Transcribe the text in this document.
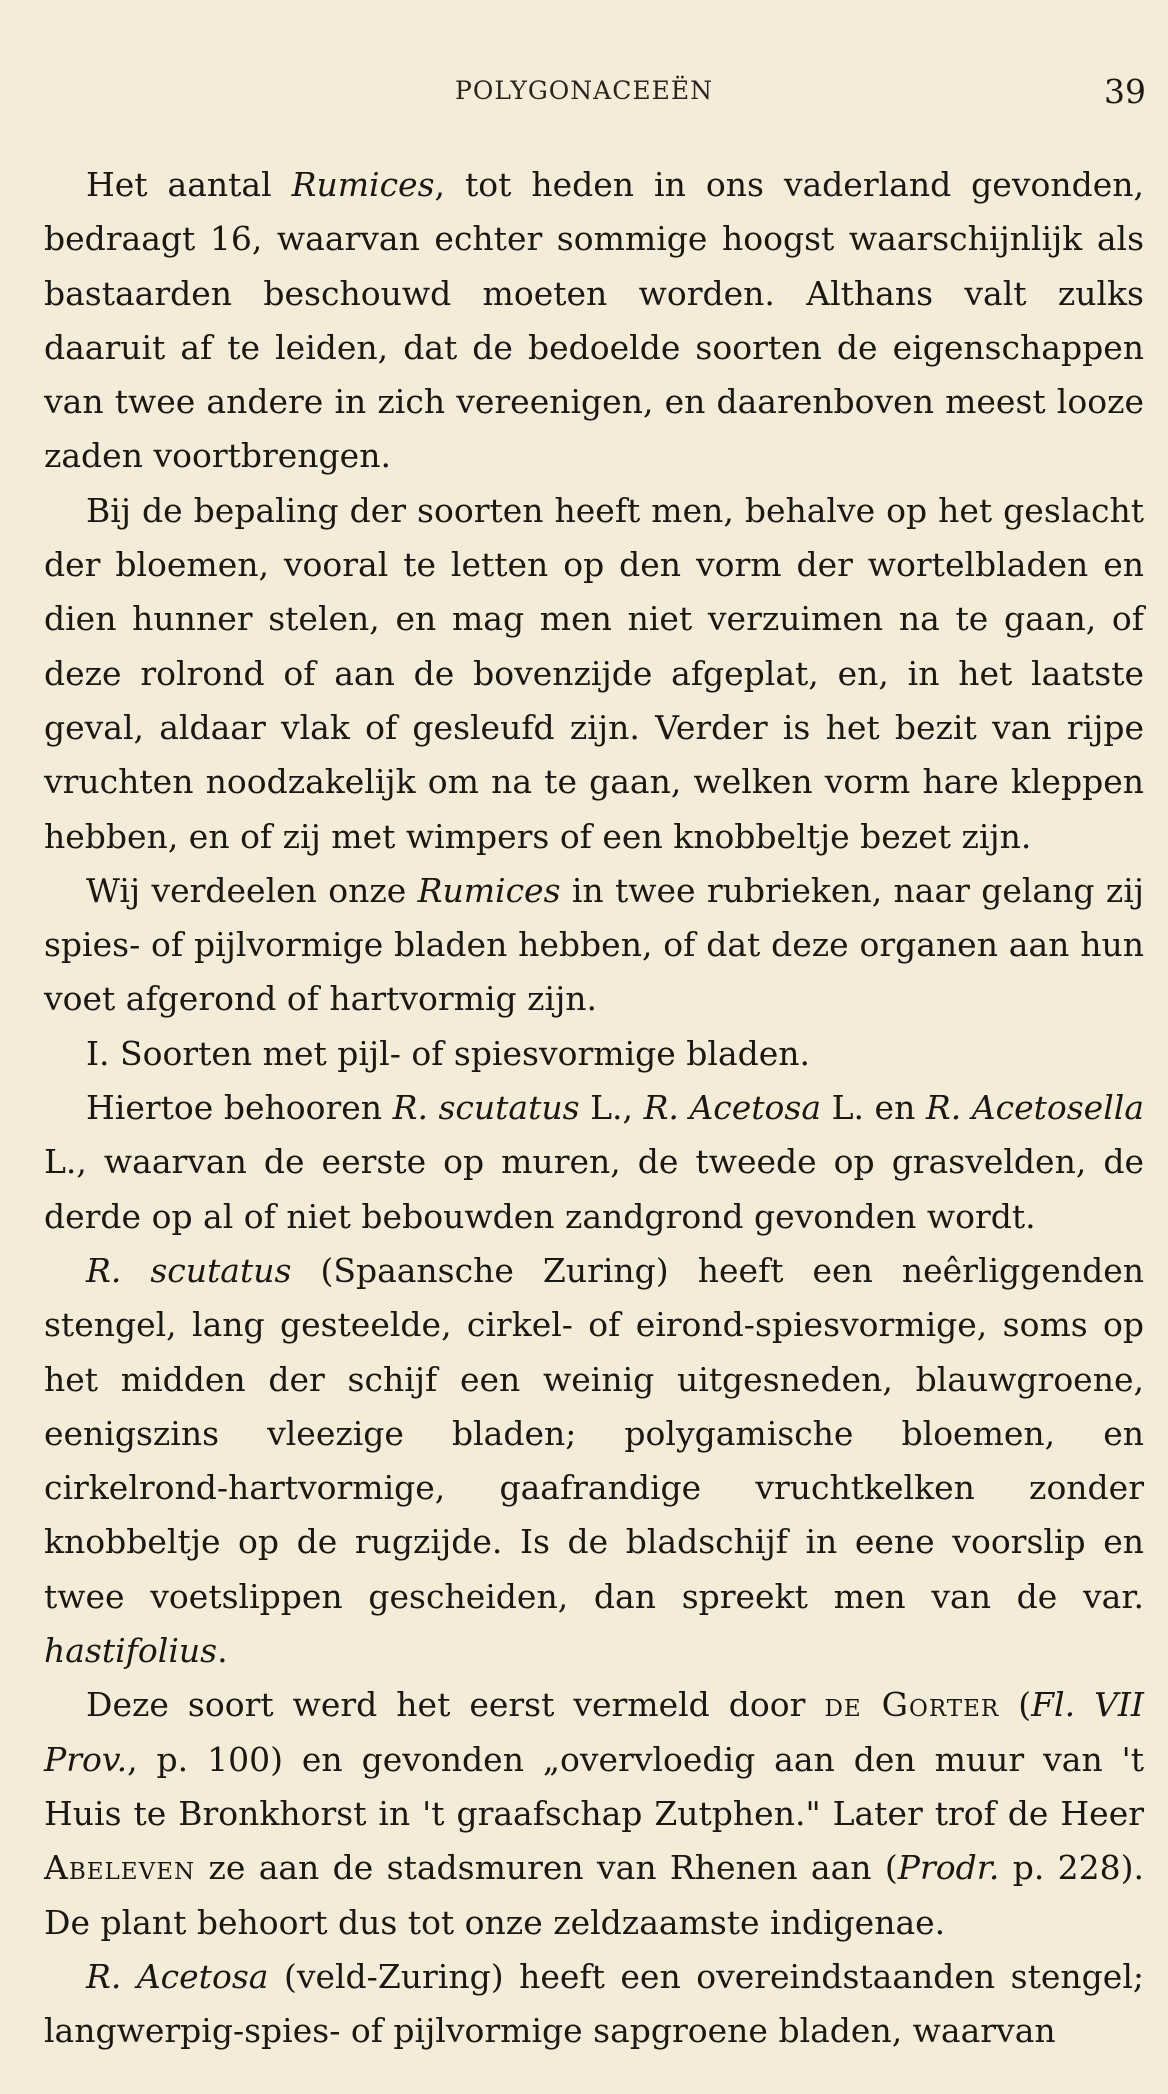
POLYGONACEEËN	39

Het aantal Rumices, tot heden in ons vaderland gevonden, bedraagt 16, waarvan echter sommige hoogst waarschijnlijk als bastaarden beschouwd moeten worden. Althans valt zulks daaruit af te leiden, dat de bedoelde soorten de eigenschappen van twee andere in zich vereenigen, en daarenboven meest looze zaden voortbrengen.

Bij de bepaling der soorten heeft men, behalve op het geslacht der bloemen, vooral te letten op den vorm der wortelbladen en dien hunner stelen, en mag men niet verzuimen na te gaan, of deze rolrond of aan de bovenzijde afgeplat, en, in het laatste geval, aldaar vlak of gesleufd zijn. Verder is het bezit van rijpe vruchten noodzakelijk om na te gaan, welken vorm hare kleppen hebben, en of zij met wimpers of een knobbeltje bezet zijn.

Wij verdeelen onze Rumices in twee rubrieken, naar gelang zij spies- of pijlvormige bladen hebben, of dat deze organen aan hun voet afgerond of hartvormig zijn.

I. Soorten met pijl- of spiesvormige bladen.

Hiertoe behooren R. scutatus L., R. Acetosa L. en R. Acetosella L., waarvan de eerste op muren, de tweede op grasvelden, de derde op al of niet bebouwden zandgrond gevonden wordt.

R. scutatus (Spaansche Zuring) heeft een neêrliggenden stengel, lang gesteelde, cirkel- of eirond-spiesvormige, soms op het midden der schijf een weinig uitgesneden, blauwgroene, eenigszins vleezige bladen; polygamische bloemen, en cirkelrond-hartvormige, gaafrandige vruchtkelken zonder knobbeltje op de rugzijde. Is de bladschijf in eene voorslip en twee voetslippen gescheiden, dan spreekt men van de var. hastifolius.

Deze soort werd het eerst vermeld door de Gorter (Fl. VII Prov., p. 100) en gevonden „overvloedig aan den muur van 't Huis te Bronkhorst in 't graafschap Zutphen." Later trof de Heer Abeleven ze aan de stadsmuren van Rhenen aan (Prodr. p. 228). De plant behoort dus tot onze zeldzaamste indigenae.

R. Acetosa (veld-Zuring) heeft een overeindstaanden stengel; langwerpig-spies- of pijlvormige sapgroene bladen, waarvan
